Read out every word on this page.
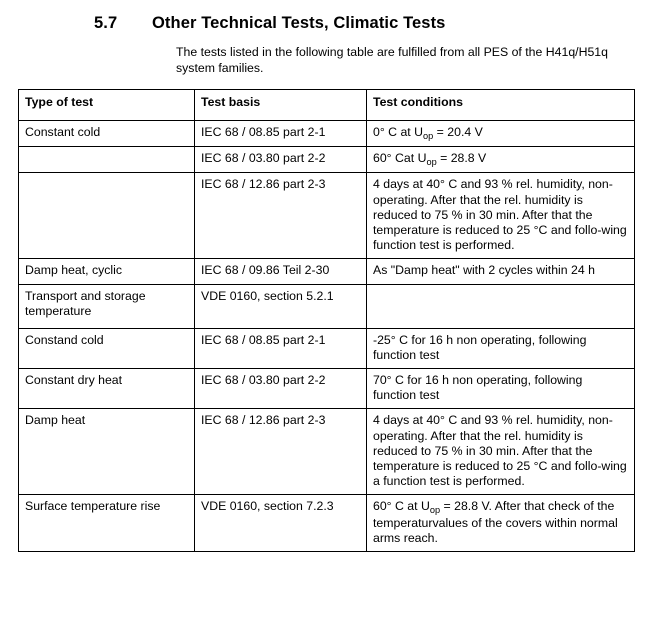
5.7	Other Technical Tests, Climatic Tests
The tests listed in the following table are fulfilled from all PES of the H41q/H51q system families.
Type of test	Test basis	Test conditions
Constant cold	IEC 68 / 08.85 part 2-1	0° C at $U_{op} = 20.4$ V
	IEC 68 / 03.80 part 2-2	60° Cat $U_{op} = 28.8$ V
	IEC 68 / 12.86 part 2-3	4 days at 40° C and 93 % rel. humidity, non-operating. After that the rel. humidity is reduced to 75 % in 30 min. After that the temperature is reduced to 25 °C and follo-wing function test is performed.
Damp heat, cyclic	IEC 68 / 09.86 Teil 2-30	As "Damp heat" with 2 cycles within 24 h
Transport and storage temperature	VDE 0160, section 5.2.1	
Constand cold	IEC 68 / 08.85 part 2-1	-25° C for 16 h non operating, following function test
Constant dry heat	IEC 68 / 03.80 part 2-2	70° C for 16 h non operating, following function test
Damp heat	IEC 68 / 12.86 part 2-3	4 days at 40° C and 93 % rel. humidity, non-operating. After that the rel. humidity is reduced to 75 % in 30 min. After that the temperature is reduced to 25 °C and follo-wing a function test is performed.
Surface temperature rise	VDE 0160, section 7.2.3	60° C at $U_{op} = 28.8$ V. After that check of the temperaturvalues of the covers within normal arms reach.
